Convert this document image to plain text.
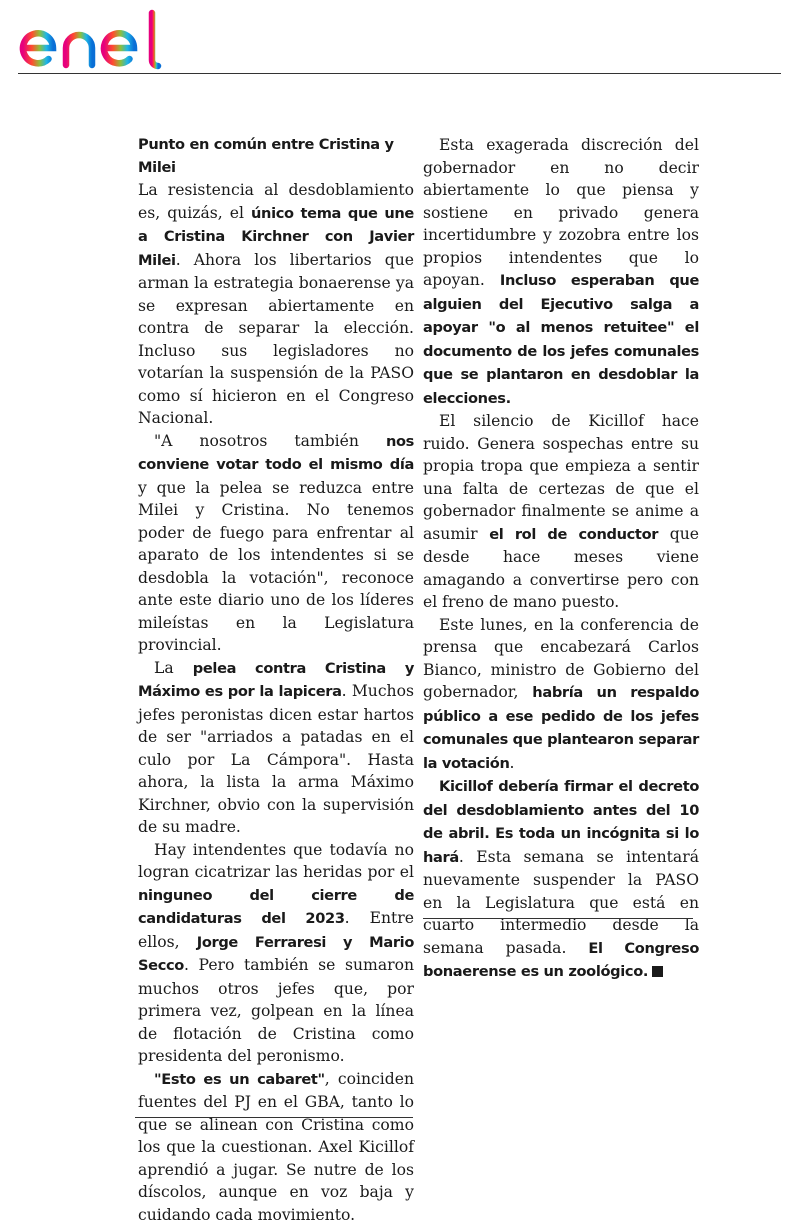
Punto en común entre Cristina y Milei

La resistencia al desdoblamiento es, quizás, el único tema que une a Cristina Kirchner con Javier Milei. Ahora los libertarios que arman la estrategia bonaerense ya se expresan abiertamente en contra de separar la elección. Incluso sus legisladores no votarían la suspensión de la PASO como sí hicieron en el Congreso Nacional.

"A nosotros también nos conviene votar todo el mismo día y que la pelea se reduzca entre Milei y Cristina. No tenemos poder de fuego para enfrentar al aparato de los intendentes si se desdobla la votación", reconoce ante este diario uno de los líderes mileístas en la Legislatura provincial.

La pelea contra Cristina y Máximo es por la lapicera. Muchos jefes peronistas dicen estar hartos de ser "arriados a patadas en el culo por La Cámpora". Hasta ahora, la lista la arma Máximo Kirchner, obvio con la supervisión de su madre.

Hay intendentes que todavía no logran cicatrizar las heridas por el ninguneo del cierre de candidaturas del 2023. Entre ellos, Jorge Ferraresi y Mario Secco. Pero también se sumaron muchos otros jefes que, por primera vez, golpean en la línea de flotación de Cristina como presidenta del peronismo.

"Esto es un cabaret", coinciden fuentes del PJ en el GBA, tanto lo que se alinean con Cristina como los que la cuestionan. Axel Kicillof aprendió a jugar. Se nutre de los díscolos, aunque en voz baja y cuidando cada movimiento.

Esta exagerada discreción del gobernador en no decir abiertamente lo que piensa y sostiene en privado genera incertidumbre y zozobra entre los propios intendentes que lo apoyan. Incluso esperaban que alguien del Ejecutivo salga a apoyar "o al menos retuitee" el documento de los jefes comunales que se plantaron en desdoblar la elecciones.

El silencio de Kicillof hace ruido. Genera sospechas entre su propia tropa que empieza a sentir una falta de certezas de que el gobernador finalmente se anime a asumir el rol de conductor que desde hace meses viene amagando a convertirse pero con el freno de mano puesto.

Este lunes, en la conferencia de prensa que encabezará Carlos Bianco, ministro de Gobierno del gobernador, habría un respaldo público a ese pedido de los jefes comunales que plantearon separar la votación.

Kicillof debería firmar el decreto del desdoblamiento antes del 10 de abril. Es toda un incógnita si lo hará. Esta semana se intentará nuevamente suspender la PASO en la Legislatura que está en cuarto intermedio desde la semana pasada. El Congreso bonaerense es un zoológico.
